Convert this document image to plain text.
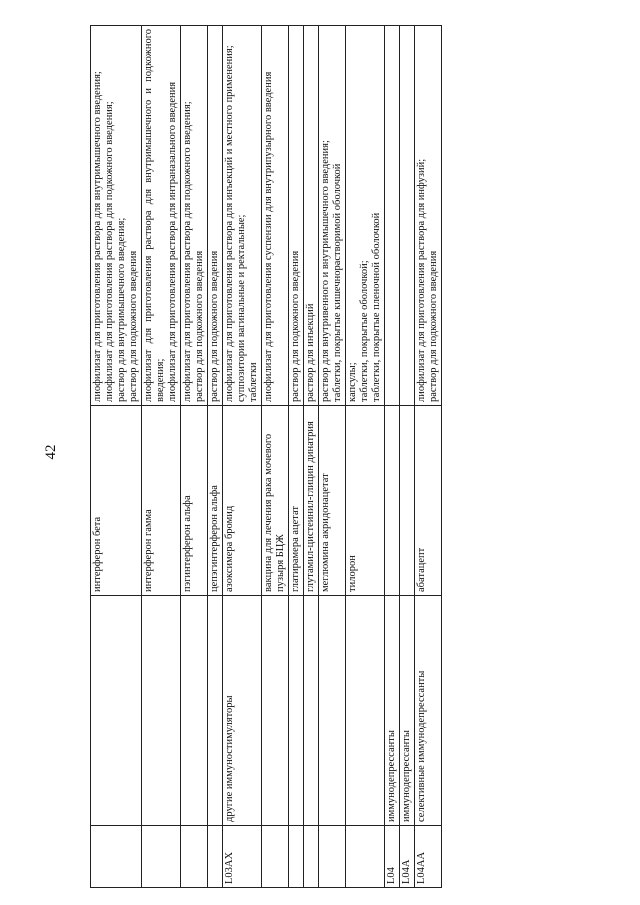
42
		интерферон бета	лиофилизат для приготовления раствора для внутримышечного введения; лиофилизат для приготовления раствора для подкожного введения; раствор для внутримышечного введения; раствор для подкожного введения

		интерферон гамма	лиофилизат для приготовления раствора для внутримышечного и подкожного введения; лиофилизат для приготовления раствора для интраназального введения

		пэгинтерферон альфа	лиофилизат для приготовления раствора для подкожного введения; раствор для подкожного введения

		цепэгинтерферон альфа	раствор для подкожного введения

L03AX	другие иммуностимуляторы	азоксимера бромид	лиофилизат для приготовления раствора для инъекций и местного применения; суппозитории вагинальные и ректальные; таблетки

		вакцина для лечения рака мочевого пузыря БЦЖ	лиофилизат для приготовления суспензии для внутрипузырного введения

		глатирамера ацетат	раствор для подкожного введения

		глутамил-цистеинил-глицин динатрия	раствор для инъекций

		меглюмина акридонацетат	раствор для внутривенного и внутримышечного введения; таблетки, покрытые кишечнорастворимой оболочкой

		тилорон	капсулы; таблетки, покрытые оболочкой; таблетки, покрытые пленочной оболочкой

L04	иммунодепрессанты		
L04A	иммунодепрессанты		
L04AA	селективные иммунодепрессанты	абатацепт	лиофилизат для приготовления раствора для инфузий; раствор для подкожного введения
